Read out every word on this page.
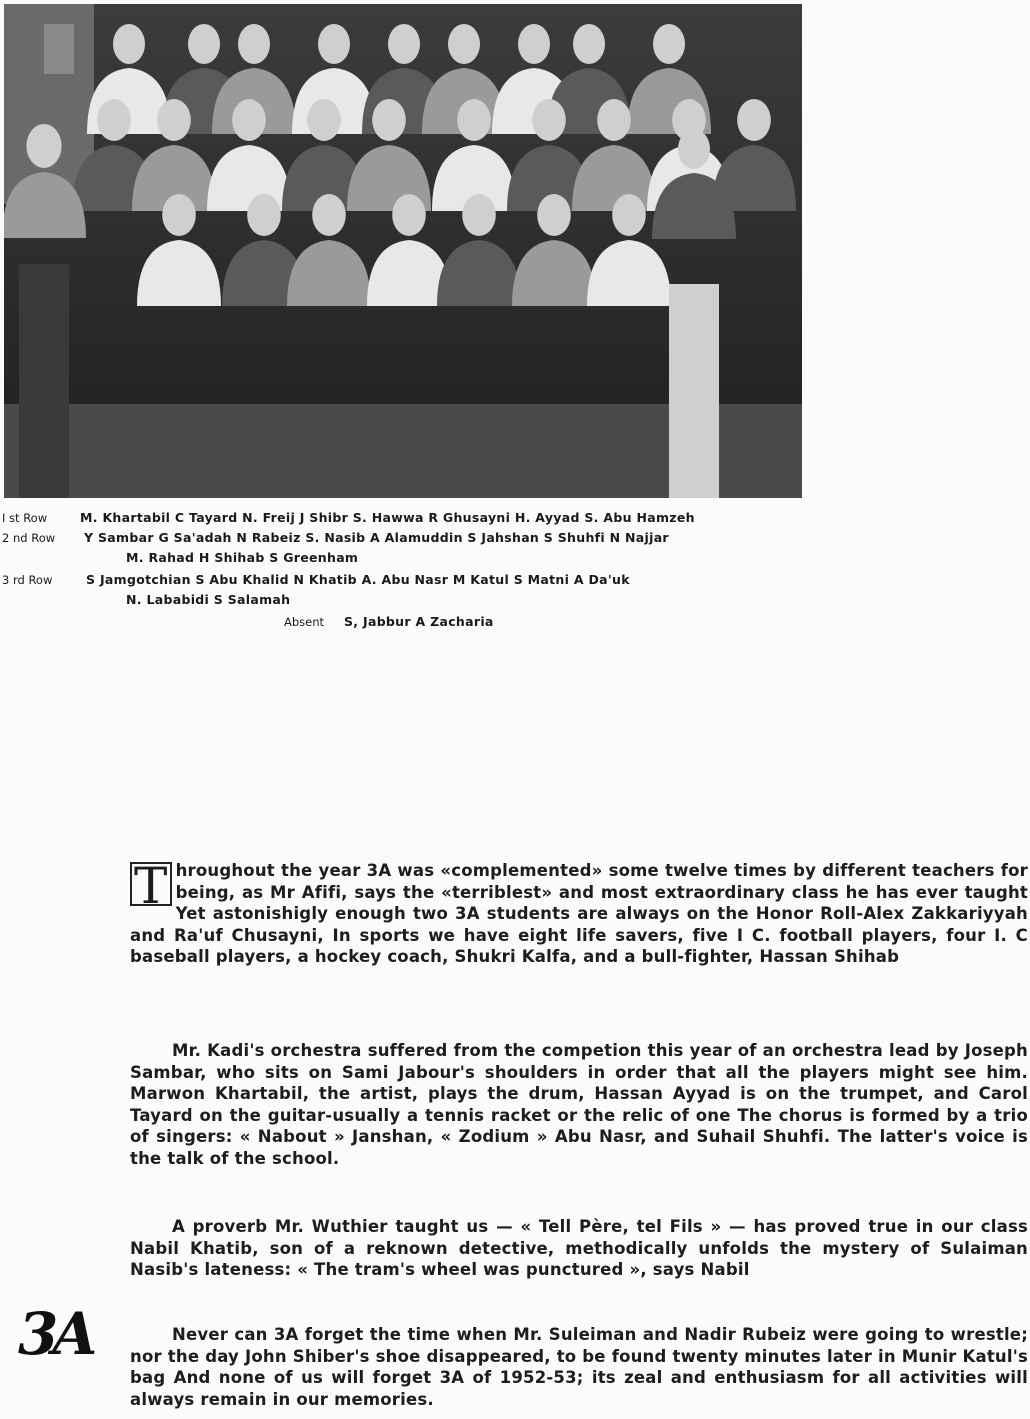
I st Row	M. Khartabil C Tayard N. Freij J Shibr S. Hawwa R Ghusayni H. Ayyad S. Abu Hamzeh
2 nd Row	Y Sambar G Sa'adah N Rabeiz S. Nasib A Alamuddin S Jahshan S Shuhfi N Najjar
M. Rahad H Shihab S Greenham
3 rd Row	S Jamgotchian S Abu Khalid N Khatib A. Abu Nasr M Katul S Matni A Da'uk
N. Lababidi S Salamah
Absent	S, Jabbur A Zacharia
T hroughout the year 3A was «complemented» some twelve times by different teachers for being, as Mr Afifi, says the «terriblest» and most extraordinary class he has ever taught Yet astonishigly enough two 3A students are always on the Honor Roll-Alex Zakkariyyah and Ra'uf Chusayni, In sports we have eight life savers, five I C. football players, four I. C baseball players, a hockey coach, Shukri Kalfa, and a bull-fighter, Hassan Shihab
Mr. Kadi's orchestra suffered from the competion this year of an orchestra lead by Joseph Sambar, who sits on Sami Jabour's shoulders in order that all the players might see him. Marwon Khartabil, the artist, plays the drum, Hassan Ayyad is on the trumpet, and Carol Tayard on the guitar-usually a tennis racket or the relic of one The chorus is formed by a trio of singers: « Nabout » Janshan, « Zodium » Abu Nasr, and Suhail Shuhfi. The latter's voice is the talk of the school.
A proverb Mr. Wuthier taught us — « Tell Père, tel Fils » — has proved true in our class Nabil Khatib, son of a reknown detective, methodically unfolds the mystery of Sulaiman Nasib's lateness: « The tram's wheel was punctured », says Nabil
Never can 3A forget the time when Mr. Suleiman and Nadir Rubeiz were going to wrestle; nor the day John Shiber's shoe disappeared, to be found twenty minutes later in Munir Katul's bag And none of us will forget 3A of 1952-53; its zeal and enthusiasm for all activities will always remain in our memories.
3A
